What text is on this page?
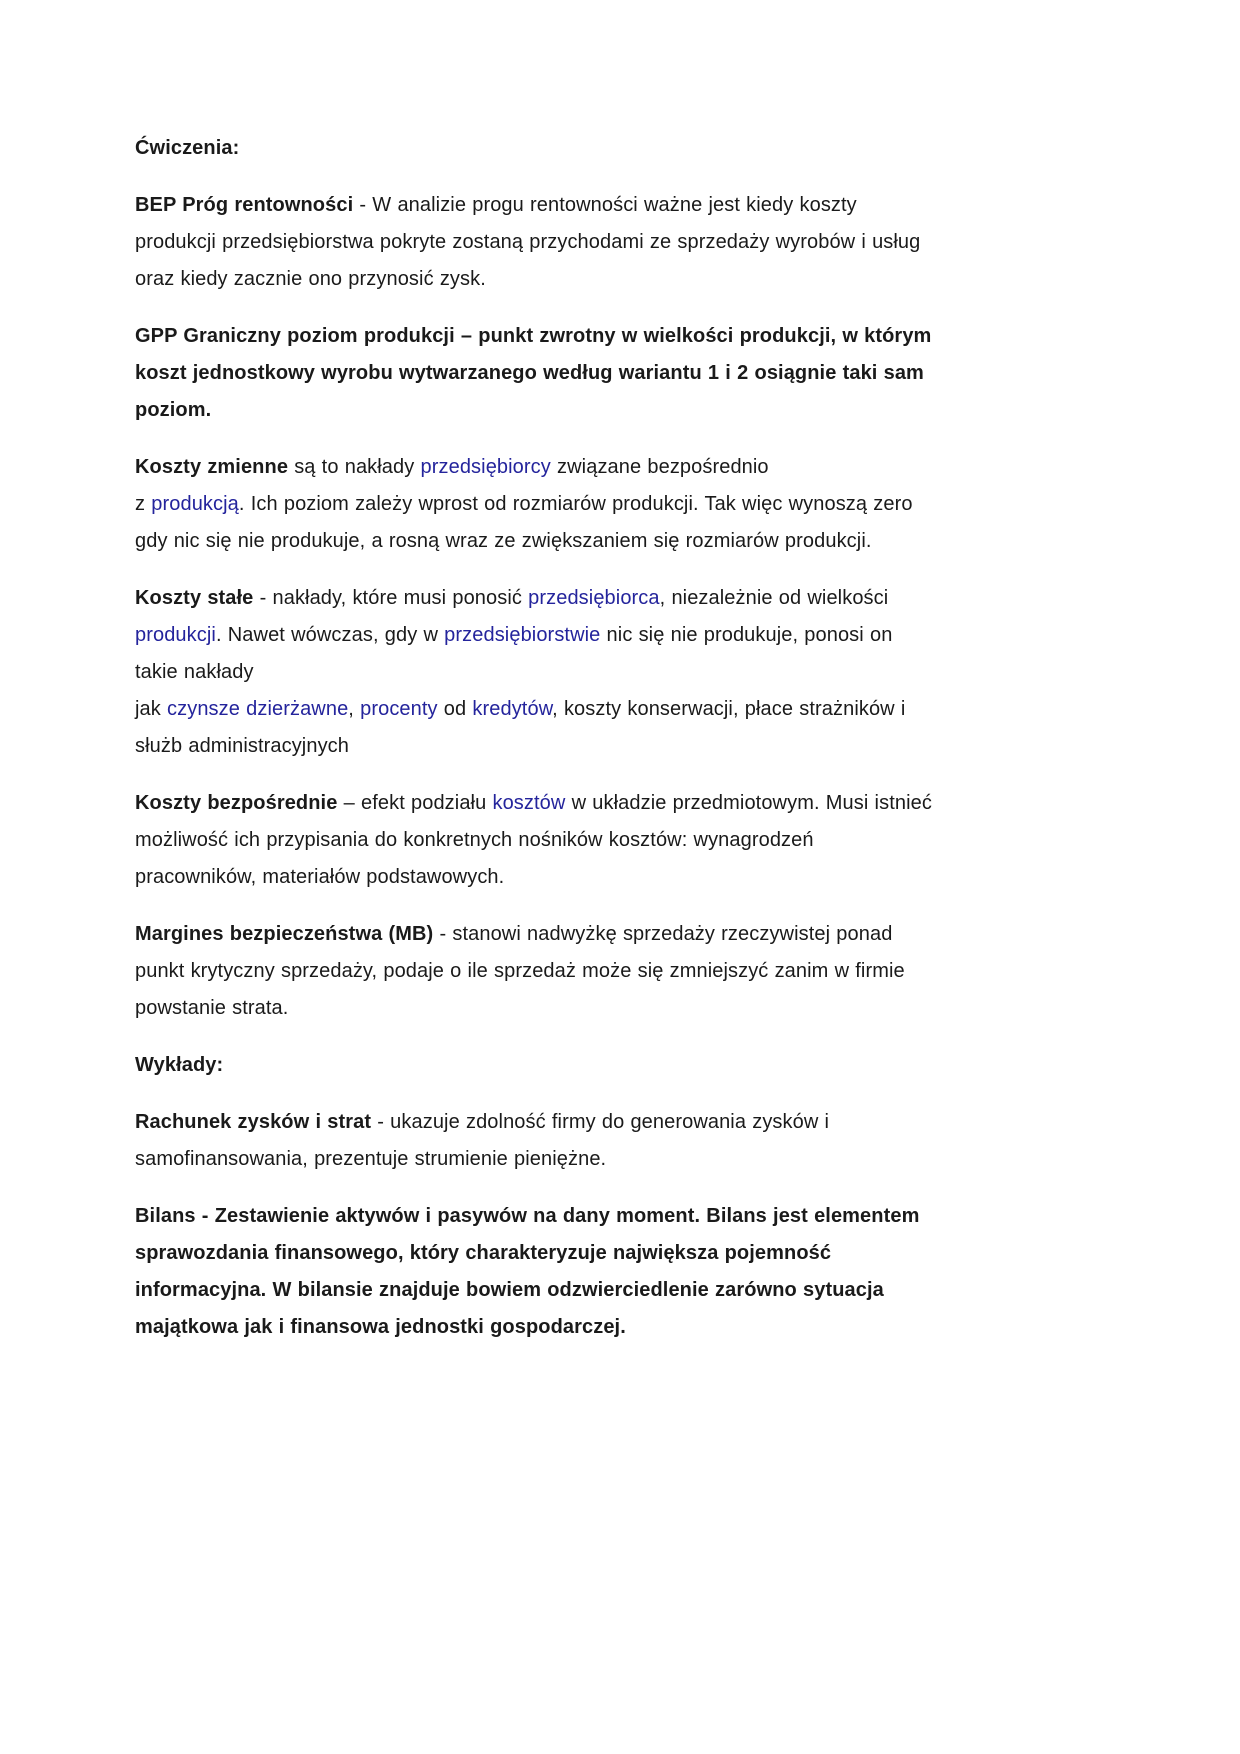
Ćwiczenia:

BEP Próg rentowności - W analizie progu rentowności ważne jest kiedy koszty produkcji przedsiębiorstwa pokryte zostaną przychodami ze sprzedaży wyrobów i usług oraz kiedy zacznie ono przynosić zysk.

GPP Graniczny poziom produkcji – punkt zwrotny w wielkości produkcji, w którym koszt jednostkowy wyrobu wytwarzanego według wariantu 1 i 2 osiągnie taki sam poziom.

Koszty zmienne są to nakłady przedsiębiorcy związane bezpośrednio
z produkcją. Ich poziom zależy wprost od rozmiarów produkcji. Tak więc wynoszą zero gdy nic się nie produkuje, a rosną wraz ze zwiększaniem się rozmiarów produkcji.

Koszty stałe - nakłady, które musi ponosić przedsiębiorca, niezależnie od wielkości produkcji. Nawet wówczas, gdy w przedsiębiorstwie nic się nie produkuje, ponosi on takie nakłady
jak czynsze dzierżawne, procenty od kredytów, koszty konserwacji, płace strażników i służb administracyjnych

Koszty bezpośrednie – efekt podziału kosztów w układzie przedmiotowym. Musi istnieć możliwość ich przypisania do konkretnych nośników kosztów: wynagrodzeń pracowników, materiałów podstawowych.

Margines bezpieczeństwa (MB) - stanowi nadwyżkę sprzedaży rzeczywistej ponad punkt krytyczny sprzedaży, podaje o ile sprzedaż może się zmniejszyć zanim w firmie powstanie strata.

Wykłady:

Rachunek zysków i strat - ukazuje zdolność firmy do generowania zysków i samofinansowania, prezentuje strumienie pieniężne.

Bilans - Zestawienie aktywów i pasywów na dany moment. Bilans jest elementem sprawozdania finansowego, który charakteryzuje największa pojemność informacyjna. W bilansie znajduje bowiem odzwierciedlenie zarówno sytuacja majątkowa jak i finansowa jednostki gospodarczej.
